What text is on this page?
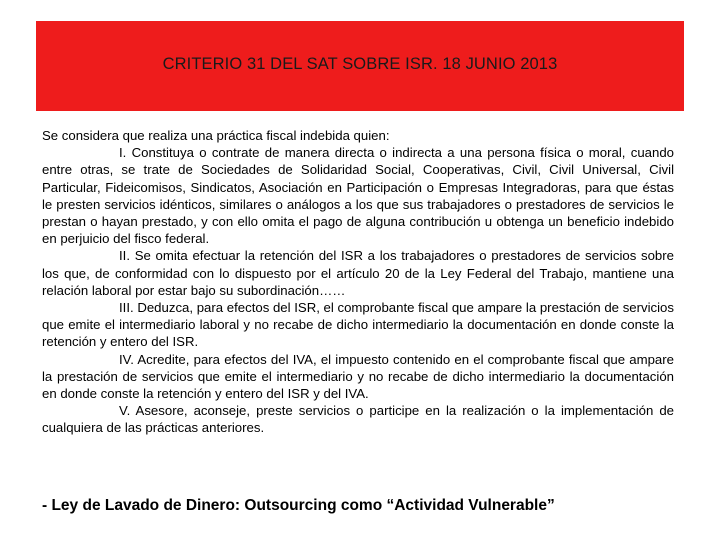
CRITERIO 31 DEL SAT SOBRE ISR. 18 JUNIO 2013

Se considera que realiza una práctica fiscal indebida quien:

I. Constituya o contrate de manera directa o indirecta a una persona física o moral, cuando entre otras, se trate de Sociedades de Solidaridad Social, Cooperativas, Civil, Civil Universal, Civil Particular, Fideicomisos, Sindicatos, Asociación en Participación o Empresas Integradoras, para que éstas le presten servicios idénticos, similares o análogos a los que sus trabajadores o prestadores de servicios le prestan o hayan prestado, y con ello omita el pago de alguna contribución u obtenga un beneficio indebido en perjuicio del fisco federal.

II. Se omita efectuar la retención del ISR a los trabajadores o prestadores de servicios sobre los que, de conformidad con lo dispuesto por el artículo 20 de la Ley Federal del Trabajo, mantiene una relación laboral por estar bajo su subordinación……

III. Deduzca, para efectos del ISR, el comprobante fiscal que ampare la prestación de servicios que emite el intermediario laboral y no recabe de dicho intermediario la documentación en donde conste la retención y entero del ISR.

IV. Acredite, para efectos del IVA, el impuesto contenido en el comprobante fiscal que ampare la prestación de servicios que emite el intermediario y no recabe de dicho intermediario la documentación en donde conste la retención y entero del ISR y del IVA.

V. Asesore, aconseje, preste servicios o participe en la realización o la implementación de cualquiera de las prácticas anteriores.

- Ley de Lavado de Dinero: Outsourcing como “Actividad Vulnerable”
